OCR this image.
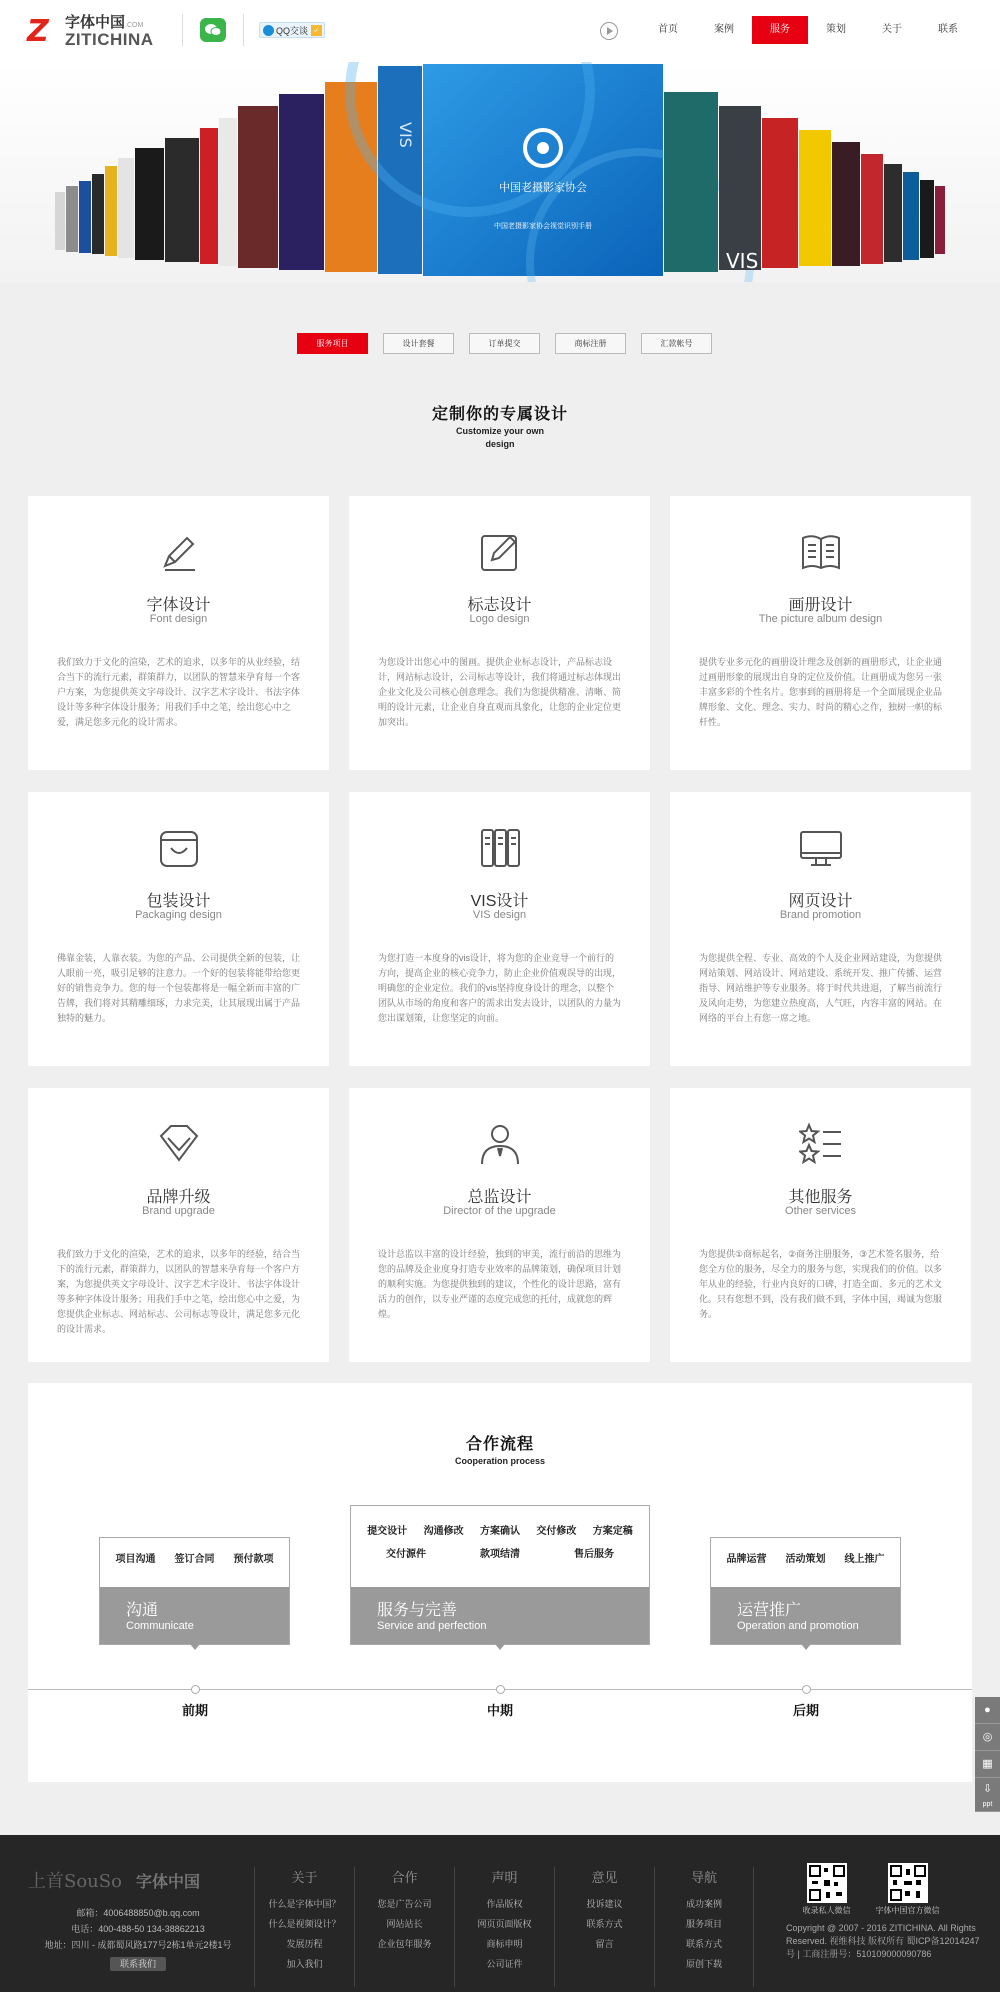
Z	字体中国.COM
ZITICHINA	QQ交谈 ✓	首页	案例	服务	策划	关于	联系
VIS
中国老摄影家协会
中国老摄影家协会视觉识别手册
VIS
服务项目	设计套餐	订单提交	商标注册	汇款帐号
定制你的专属设计
Customize your own
design
字体设计
Font design
我们致力于文化的渲染，艺术的追求，以多年的从业经验，结合当下的流行元素，群策群力，以团队的智慧来孕育每一个客户方案，为您提供英文字母设计、汉字艺术字设计、书法字体设计等多种字体设计服务；用我们手中之笔，绘出您心中之爱，满足您多元化的设计需求。
标志设计
Logo design
为您设计出您心中的图画。提供企业标志设计，产品标志设计，网站标志设计，公司标志等设计，我们将通过标志体现出企业文化及公司核心创意理念。我们为您提供精准、清晰、简明的设计元素，让企业自身直观而具象化，让您的企业定位更加突出。
画册设计
The picture album design
提供专业多元化的画册设计理念及创新的画册形式，让企业通过画册形象的展现出自身的定位及价值。让画册成为您另一张丰富多彩的个性名片。您事到的画册将是一个全面展现企业品牌形象、文化、理念、实力、时尚的精心之作，独树一帜的标杆性。
包装设计
Packaging design
佛靠金装，人靠衣装。为您的产品、公司提供全新的包装，让人眼前一亮，吸引足够的注意力。一个好的包装将能带给您更好的销售竞争力。您的每一个包装都将是一幅全新而丰富的广告牌，我们将对其精雕细琢，力求完美，让其展现出属于产品独特的魅力。
VIS设计
VIS design
为您打造一本度身的vis设计，将为您的企业竞导一个前行的方向，提高企业的核心竞争力，防止企业价值观误导的出现，明确您的企业定位。我们的vis坚持度身设计的理念，以整个团队从市场的角度和客户的需求出发去设计，以团队的力量为您出谋划策，让您坚定的向前。
网页设计
Brand promotion
为您提供全程、专业、高效的个人及企业网站建设，为您提供网站策划、网站设计、网站建设、系统开发、推广传播、运营指导、网站维护等专业服务。将于时代共进退，了解当前流行及风向走势，为您建立热度高，人气旺，内容丰富的网站。在网络的平台上有您一席之地。
品牌升级
Brand upgrade
我们致力于文化的渲染，艺术的追求，以多年的经验，结合当下的流行元素，群策群力，以团队的智慧来孕育每一个客户方案，为您提供英文字母设计、汉字艺术字设计、书法字体设计等多种字体设计服务；用我们手中之笔，绘出您心中之爱，为您提供企业标志、网站标志、公司标志等设计，满足您多元化的设计需求。
总监设计
Director of the upgrade
设计总监以丰富的设计经验，独到的审美，流行前沿的思维为您的品牌及企业度身打造专业效率的品牌策划，确保项目计划的顺利实施。为您提供独到的建议，个性化的设计思路，富有活力的创作，以专业严谨的态度完成您的托付，成就您的辉煌。
其他服务
Other services
为您提供①商标起名，②商务注册服务，③艺术签名服务，给您全方位的服务，尽全力的服务与您，实现我们的价值。以多年从业的经验，行业内良好的口碑，打造全面、多元的艺术文化。只有您想不到，没有我们做不到，字体中国，竭诚为您服务。
合作流程
Cooperation process
项目沟通	签订合同	预付款项
沟通
Communicate
提交设计	沟通修改	方案确认	交付修改	方案定稿
交付源件	款项结清	售后服务
服务与完善
Service and perfection
品牌运营	活动策划	线上推广
运营推广
Operation and promotion
前期	中期	后期	●
◎
▦
⇩
ppt
上首SouSo 字体中国
邮箱：4006488850@b.qq.com
电话：400-488-50 134-38862213
地址：四川 - 成都蜀风路177号2栋1单元2楼1号
联系我们
关于

什么是字体中国？

什么是视频设计？

发展历程

加入我们

合作

您是广告公司

网站站长

企业包年服务

声明

作品版权

网页页面版权

商标申明

公司证件

意见

投诉建议

联系方式

留言

导航

成功案例

服务项目

联系方式

原创下载

收录私人微信	字体中国官方微信
Copyright @ 2007 - 2016 ZITICHINA. All Rights Reserved. 视维科技 版权所有 蜀ICP备12014247号 | 工商注册号：510109000090786
